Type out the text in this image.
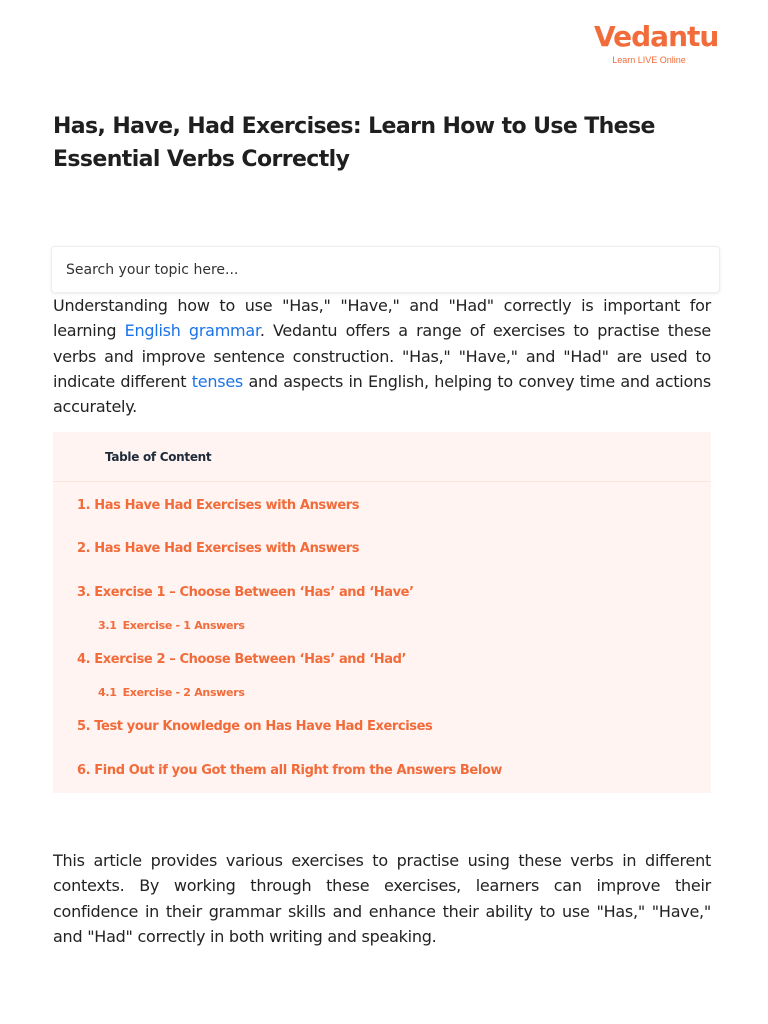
Vedantu
Learn LIVE Online
Has, Have, Had Exercises: Learn How to Use These Essential Verbs Correctly
Search your topic here...

Understanding how to use "Has," "Have," and "Had" correctly is important for learning English grammar. Vedantu offers a range of exercises to practise these verbs and improve sentence construction. "Has," "Have," and "Had" are used to indicate different tenses and aspects in English, helping to convey time and actions accurately.

Table of Content
1. Has Have Had Exercises with Answers
2. Has Have Had Exercises with Answers
3. Exercise 1 – Choose Between ‘Has’ and ‘Have’
3.1 Exercise - 1 Answers
4. Exercise 2 – Choose Between ‘Has’ and ‘Had’
4.1 Exercise - 2 Answers
5. Test your Knowledge on Has Have Had Exercises
6. Find Out if you Got them all Right from the Answers Below

This article provides various exercises to practise using these verbs in different contexts. By working through these exercises, learners can improve their confidence in their grammar skills and enhance their ability to use "Has," "Have," and "Had" correctly in both writing and speaking.
